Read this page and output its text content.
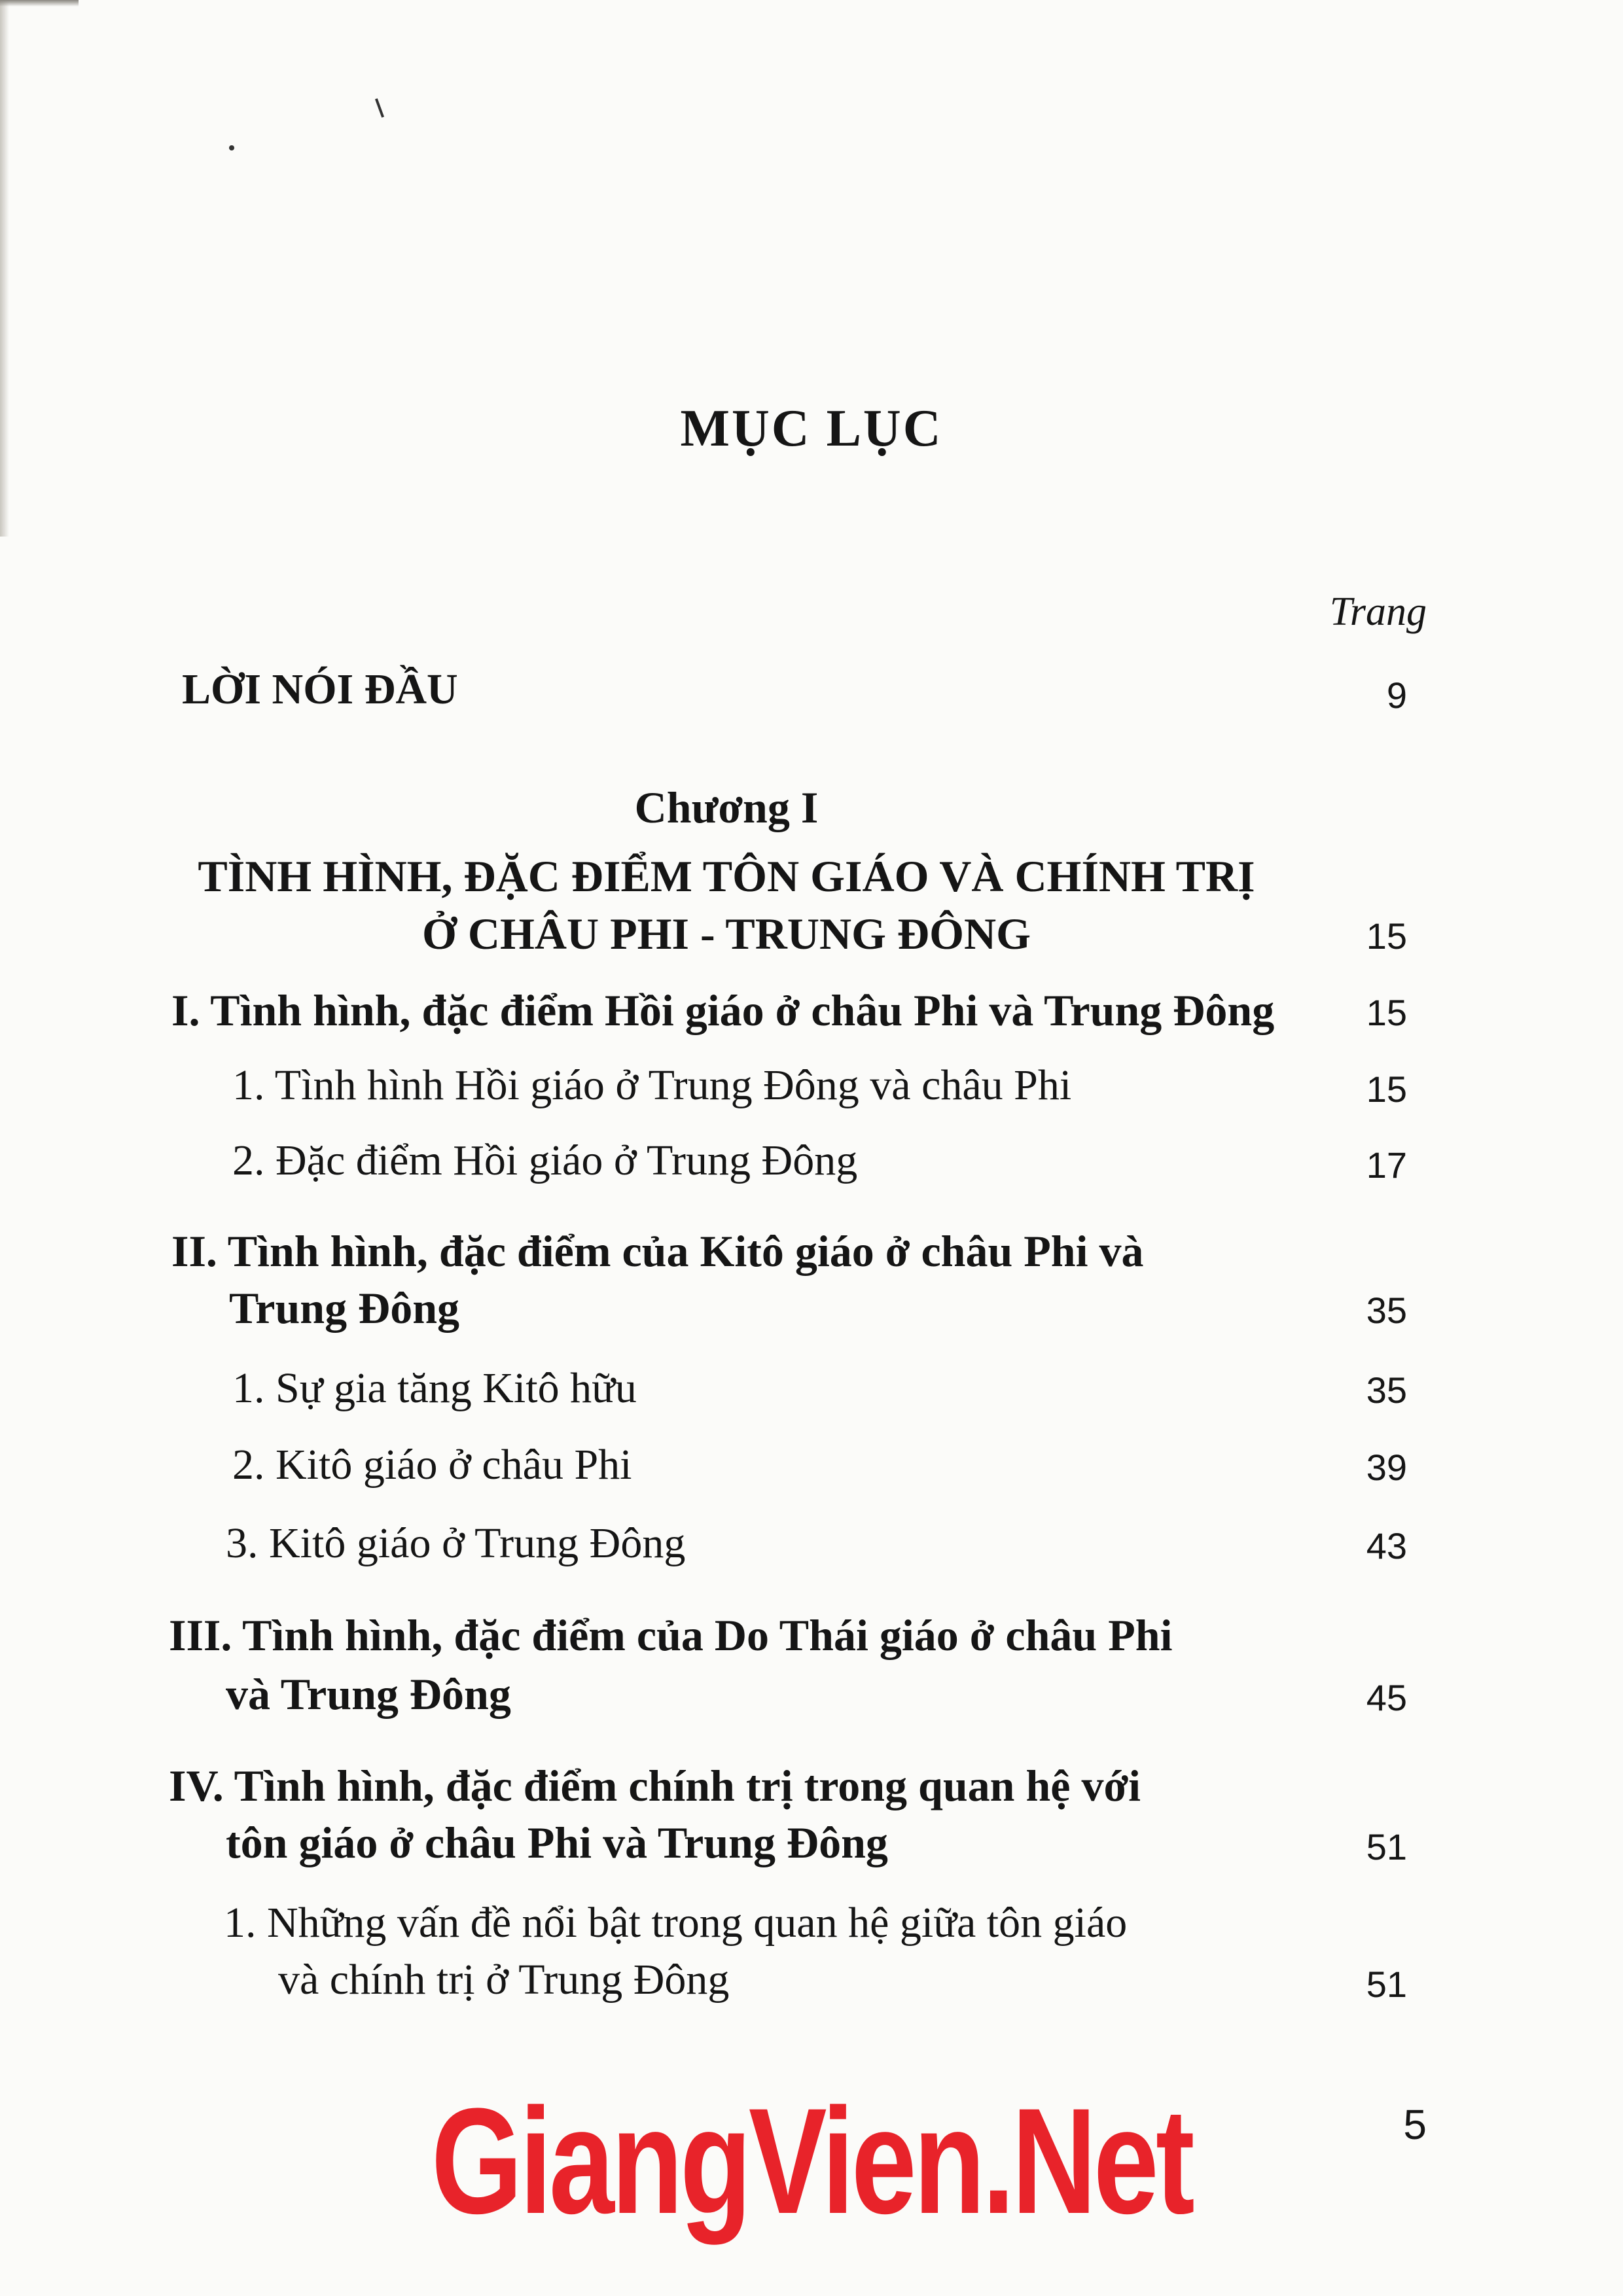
MỤC LỤC
Trang
LỜI NÓI ĐẦU	9
Chương I
TÌNH HÌNH, ĐẶC ĐIỂM TÔN GIÁO VÀ CHÍNH TRỊ
Ở CHÂU PHI - TRUNG ĐÔNG	15
I. Tình hình, đặc điểm Hồi giáo ở châu Phi và Trung Đông	15
1. Tình hình Hồi giáo ở Trung Đông và châu Phi	15
2. Đặc điểm Hồi giáo ở Trung Đông	17
II. Tình hình, đặc điểm của Kitô giáo ở châu Phi và
Trung Đông	35
1. Sự gia tăng Kitô hữu	35
2. Kitô giáo ở châu Phi	39
3. Kitô giáo ở Trung Đông	43
III. Tình hình, đặc điểm của Do Thái giáo ở châu Phi
và Trung Đông	45
IV. Tình hình, đặc điểm chính trị trong quan hệ với
tôn giáo ở châu Phi và Trung Đông	51
1. Những vấn đề nổi bật trong quan hệ giữa tôn giáo
và chính trị ở Trung Đông	51
GiangVien.Net	5
